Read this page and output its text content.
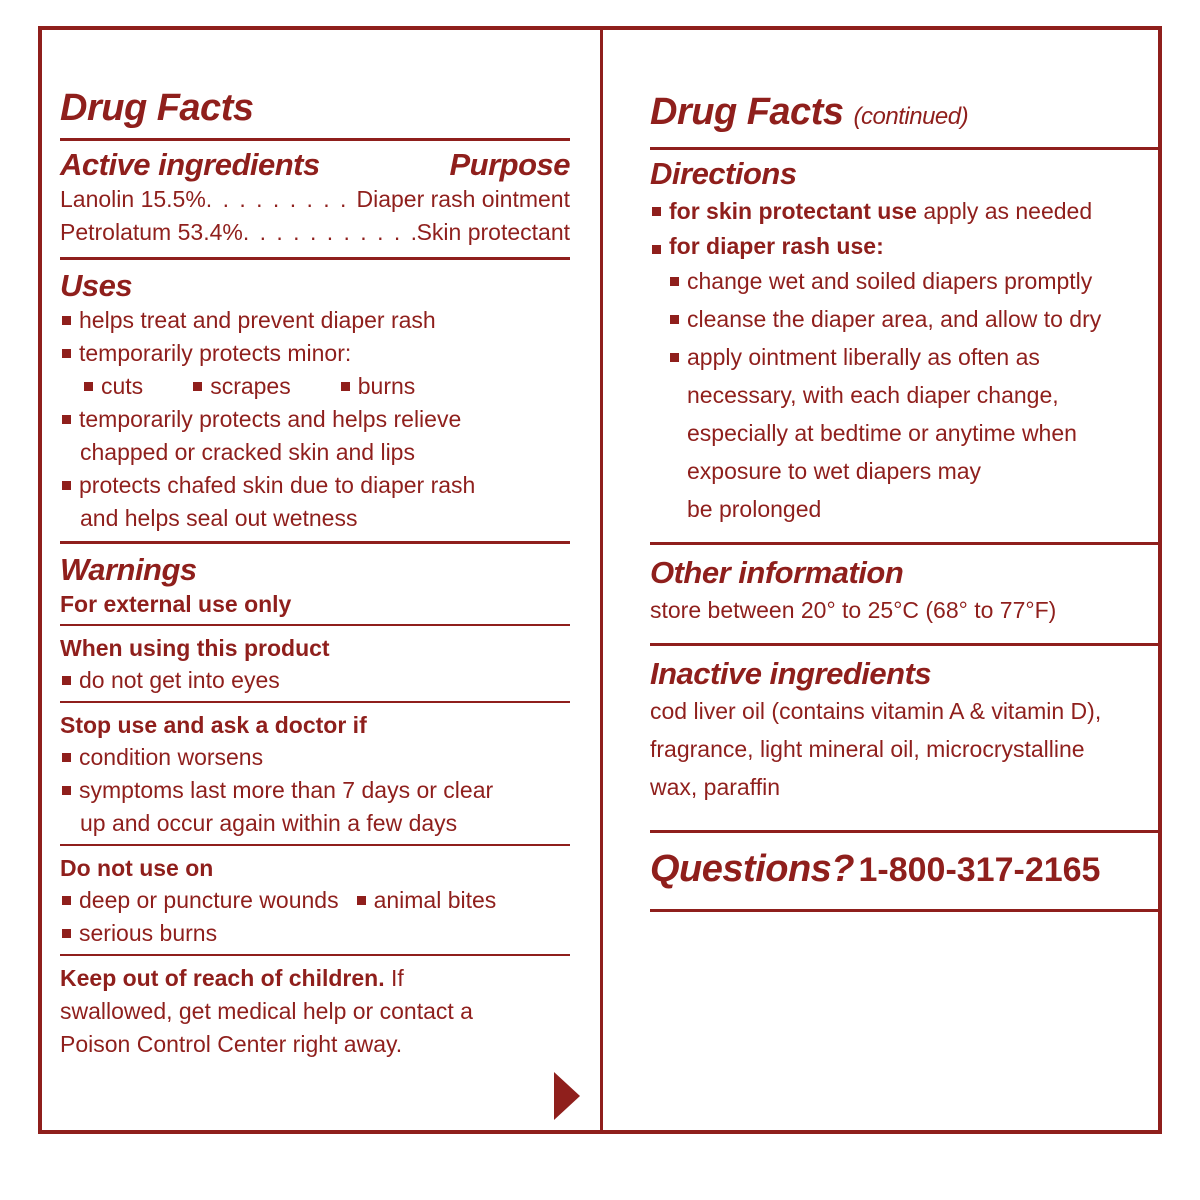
Drug Facts
Active ingredients	Purpose
Lanolin 15.5% . . .	Diaper rash ointment
Petrolatum 53.4% . . .	Skin protectant
Uses
helps treat and prevent diaper rash
temporarily protects minor:
cuts	scrapes	burns
temporarily protects and helps relieve
chapped or cracked skin and lips
protects chafed skin due to diaper rash
and helps seal out wetness
Warnings
For external use only
When using this product
do not get into eyes
Stop use and ask a doctor if
condition worsens
symptoms last more than 7 days or clear
up and occur again within a few days
Do not use on
deep or puncture wounds animal bites
serious burns
Keep out of reach of children. If
swallowed, get medical help or contact a
Poison Control Center right away.
Drug Facts (continued)
Directions
for skin protectant use apply as needed
for diaper rash use:
change wet and soiled diapers promptly
cleanse the diaper area, and allow to dry
apply ointment liberally as often as
necessary, with each diaper change,
especially at bedtime or anytime when
exposure to wet diapers may
be prolonged
Other information
store between 20° to 25°C (68° to 77°F)
Inactive ingredients
cod liver oil (contains vitamin A & vitamin D),
fragrance, light mineral oil, microcrystalline
wax, paraffin
Questions? 1-800-317-2165
